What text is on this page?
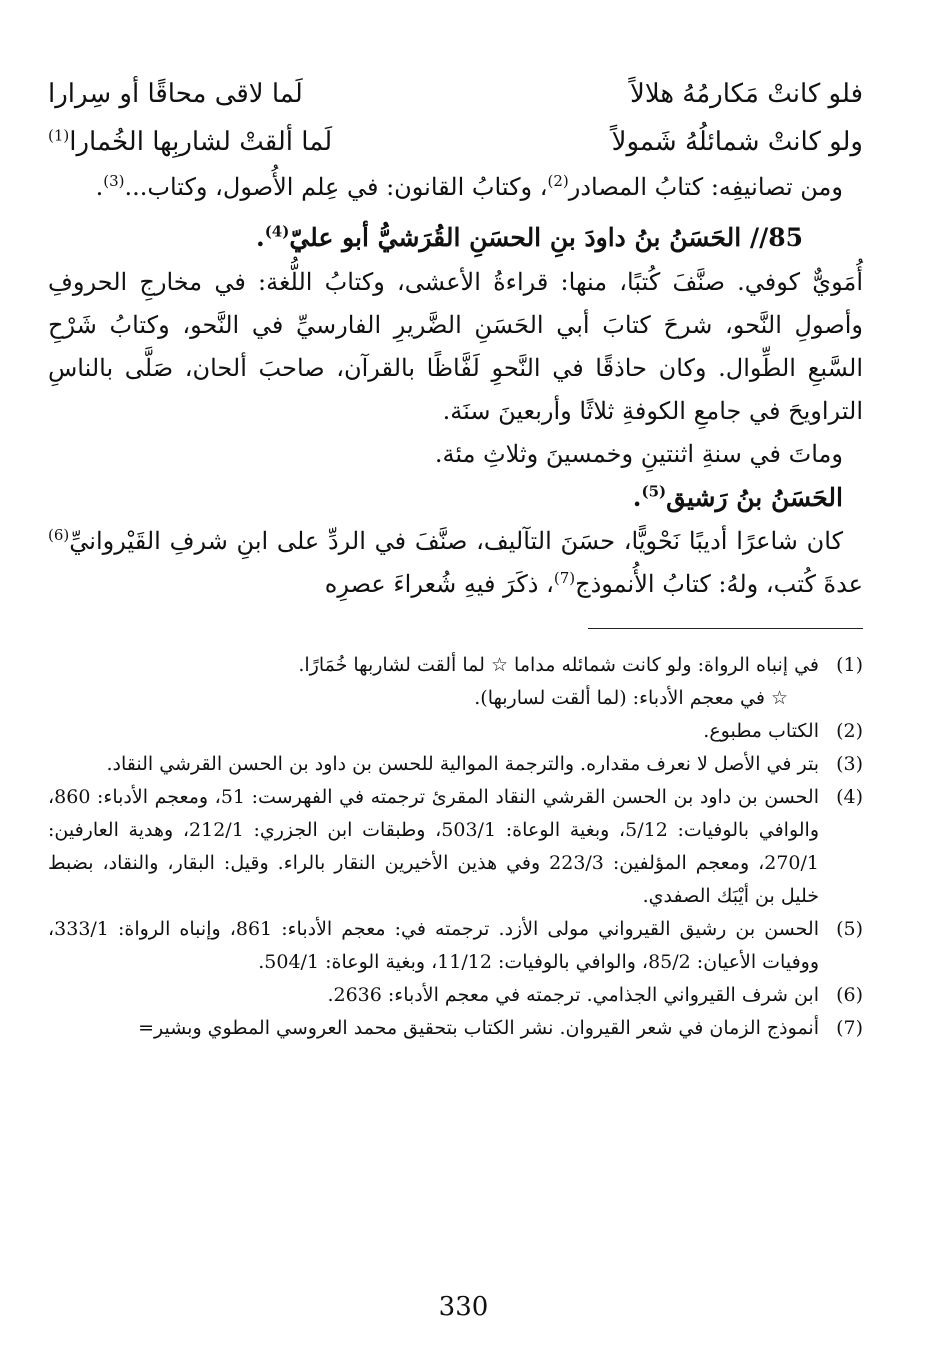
فلو كانتْ مَكارمُهُ هلالاً
لَما لاقى محاقًا أو سِرارا
ولو كانتْ شمائلُهُ شَمولاً
لَما ألقتْ لشاربِها الخُمارا$^{(1)}$

ومن تصانيفِه: كتابُ المصادر$^{(2)}$، وكتابُ القانون: في عِلم الأُصول، وكتاب...$^{(3)}$.

85// الحَسَنُ بنُ داودَ بنِ الحسَنِ القُرَشيُّ أبو عليّ$^{(4)}$.

أُمَويٌّ كوفي. صنَّفَ كُتبًا، منها: قراءةُ الأعشى، وكتابُ اللُّغة: في مخارجِ الحروفِ وأصولِ النَّحو، شرحَ كتابَ أبي الحَسَنِ الضَّريرِ الفارسيِّ في النَّحو، وكتابُ شَرْحِ السَّبعِ الطِّوال. وكان حاذقًا في النَّحوِ لَفَّاظًا بالقرآن، صاحبَ ألحان، صَلَّى بالناسِ التراويحَ في جامعِ الكوفةِ ثلاثًا وأربعينَ سنَة.

وماتَ في سنةِ اثنتينِ وخمسينَ وثلاثِ مئة.

الحَسَنُ بنُ رَشيق$^{(5)}$.

كان شاعرًا أديبًا نَحْويًّا، حسَنَ التآليف، صنَّفَ في الردِّ على ابنِ شرفِ القَيْروانيِّ$^{(6)}$ عدةَ كُتب، ولهُ: كتابُ الأُنموذج$^{(7)}$، ذكَرَ فيهِ شُعراءَ عصرِه

(1)
في إنباه الرواة: ولو كانت شمائله مداما ☆ لما ألقت لشاربها خُمَارًا.
☆ في معجم الأدباء: (لما ألقت لساربها).
(2)
الكتاب مطبوع.
(3)
بتر في الأصل لا نعرف مقداره. والترجمة الموالية للحسن بن داود بن الحسن القرشي النقاد.
(4)
الحسن بن داود بن الحسن القرشي النقاد المقرئ ترجمته في الفهرست: 51، ومعجم الأدباء: 860، والوافي بالوفيات: 5/12، وبغية الوعاة: 503/1، وطبقات ابن الجزري: 212/1، وهدية العارفين: 270/1، ومعجم المؤلفين: 223/3 وفي هذين الأخيرين النقار بالراء. وقيل: البقار، والنقاد، بضبط خليل بن أيْبَك الصفدي.
(5)
الحسن بن رشيق القيرواني مولى الأزد. ترجمته في: معجم الأدباء: 861، وإنباه الرواة: 333/1، ووفيات الأعيان: 85/2، والوافي بالوفيات: 11/12، وبغية الوعاة: 504/1.
(6)
ابن شرف القيرواني الجذامي. ترجمته في معجم الأدباء: 2636.
(7)
أنموذج الزمان في شعر القيروان. نشر الكتاب بتحقيق محمد العروسي المطوي وبشير=
330
